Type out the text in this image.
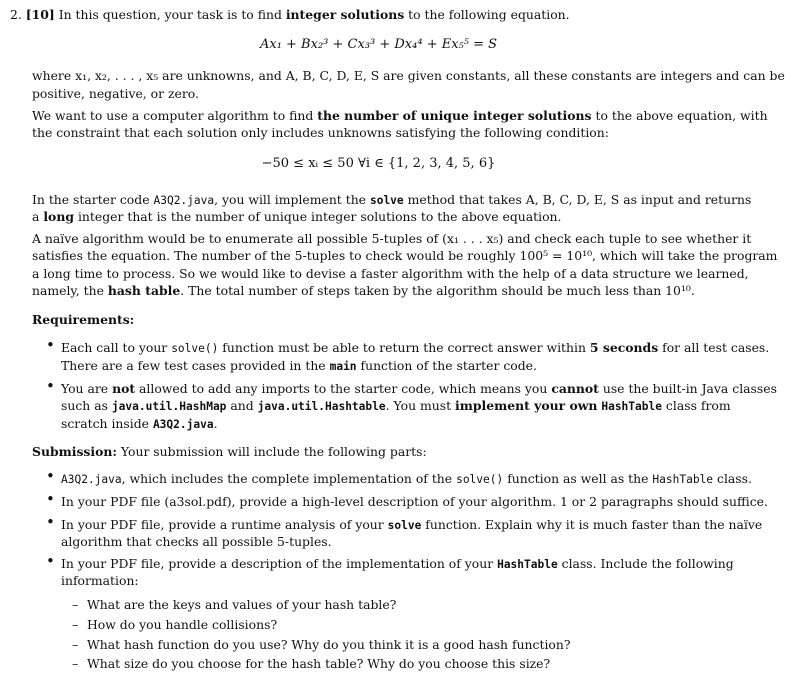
2. [10] In this question, your task is to find integer solutions to the following equation.
Ax₁ + Bx₂³ + Cx₃³ + Dx₄⁴ + Ex₅⁵ = S
where x₁, x₂, . . . , x₅ are unknowns, and A, B, C, D, E, S are given constants, all these constants are integers and can be
positive, negative, or zero.
We want to use a computer algorithm to find the number of unique integer solutions to the above equation, with
the constraint that each solution only includes unknowns satisfying the following condition:
−50 ≤ xᵢ ≤ 50 ∀i ∈ {1, 2, 3, 4, 5, 6}
In the starter code A3Q2.java, you will implement the solve method that takes A, B, C, D, E, S as input and returns
a long integer that is the number of unique integer solutions to the above equation.
A naïve algorithm would be to enumerate all possible 5-tuples of (x₁ . . . x₅) and check each tuple to see whether it
satisfies the equation. The number of the 5-tuples to check would be roughly 100⁵ = 10¹⁰, which will take the program
a long time to process. So we would like to devise a faster algorithm with the help of a data structure we learned,
namely, the hash table. The total number of steps taken by the algorithm should be much less than 10¹⁰.
Requirements:
• Each call to your solve() function must be able to return the correct answer within 5 seconds for all test cases.
There are a few test cases provided in the main function of the starter code.
• You are not allowed to add any imports to the starter code, which means you cannot use the built-in Java classes
such as java.util.HashMap and java.util.Hashtable. You must implement your own HashTable class from
scratch inside A3Q2.java.
Submission: Your submission will include the following parts:
• A3Q2.java, which includes the complete implementation of the solve() function as well as the HashTable class.
• In your PDF file (a3sol.pdf), provide a high-level description of your algorithm. 1 or 2 paragraphs should suffice.
• In your PDF file, provide a runtime analysis of your solve function. Explain why it is much faster than the naïve
algorithm that checks all possible 5-tuples.
• In your PDF file, provide a description of the implementation of your HashTable class. Include the following
information:
– What are the keys and values of your hash table?
– How do you handle collisions?
– What hash function do you use? Why do you think it is a good hash function?
– What size do you choose for the hash table? Why do you choose this size?
